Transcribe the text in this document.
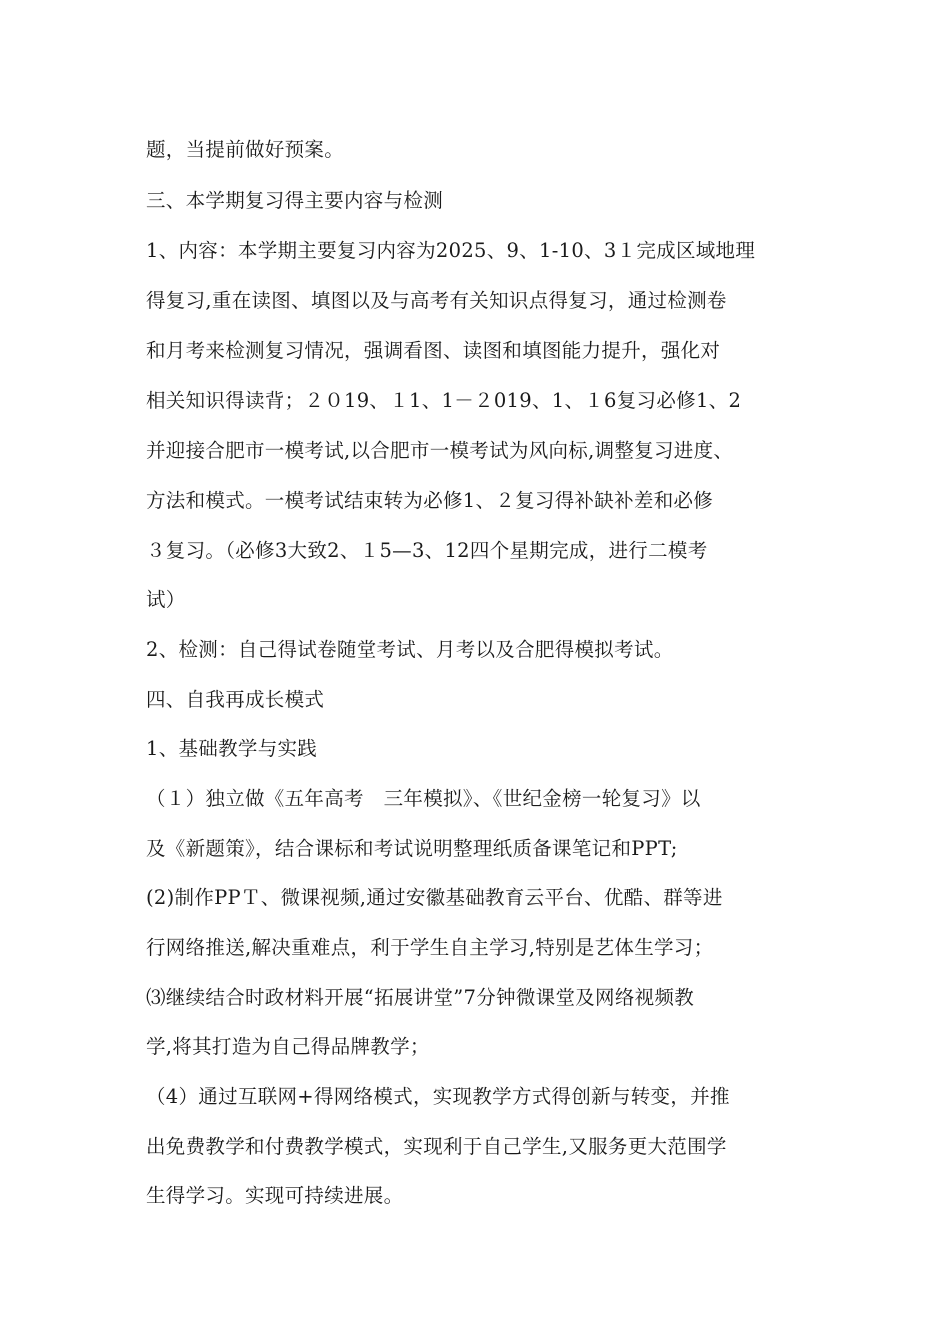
题，当提前做好预案。
三、本学期复习得主要内容与检测
1、内容：本学期主要复习内容为2025、9、1-10、3１完成区域地理
得复习,重在读图、填图以及与高考有关知识点得复习，通过检测卷
和月考来检测复习情况，强调看图、读图和填图能力提升，强化对
相关知识得读背；２０19、１1、1－２019、1、１6复习必修1、2
并迎接合肥市一模考试,以合肥市一模考试为风向标,调整复习进度、
方法和模式。一模考试结束转为必修1、２复习得补缺补差和必修
３复习。（必修3大致2、１5—3、12四个星期完成，进行二模考
试）
2、检测：自己得试卷随堂考试、月考以及合肥得模拟考试。
四、自我再成长模式
1、基础教学与实践
（１）独立做《五年高考　三年模拟》、《世纪金榜一轮复习》以
及《新题策》，结合课标和考试说明整理纸质备课笔记和PPT;
(2)制作PPＴ、微课视频,通过安徽基础教育云平台、优酷、群等进
行网络推送,解决重难点，利于学生自主学习,特别是艺体生学习；
⑶继续结合时政材料开展“拓展讲堂”7分钟微课堂及网络视频教
学,将其打造为自己得品牌教学；
（4）通过互联网+得网络模式，实现教学方式得创新与转变，并推
出免费教学和付费教学模式，实现利于自己学生,又服务更大范围学
生得学习。实现可持续进展。
